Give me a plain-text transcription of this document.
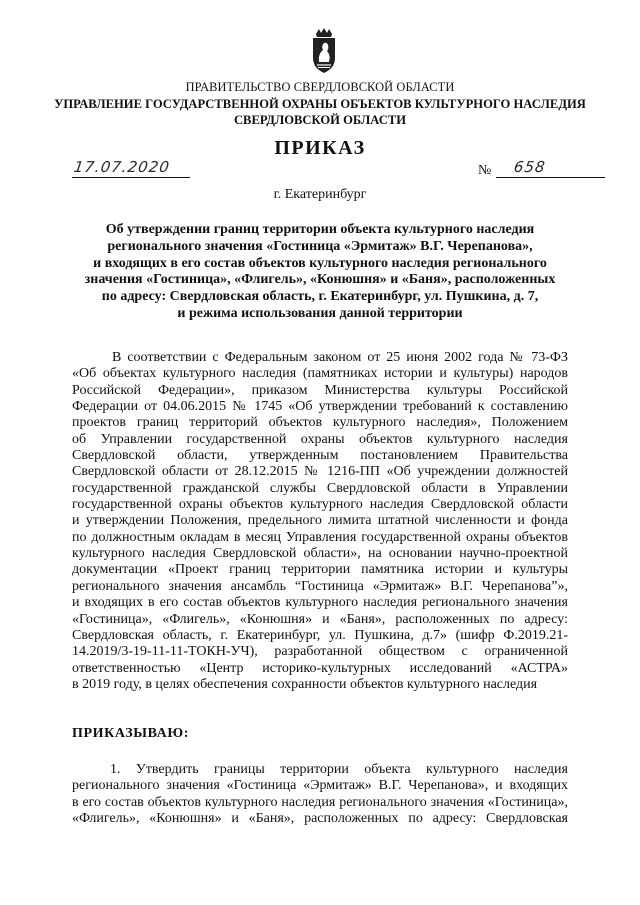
ПРАВИТЕЛЬСТВО СВЕРДЛОВСКОЙ ОБЛАСТИ
УПРАВЛЕНИЕ ГОСУДАРСТВЕННОЙ ОХРАНЫ ОБЪЕКТОВ КУЛЬТУРНОГО НАСЛЕДИЯ
СВЕРДЛОВСКОЙ ОБЛАСТИ
ПРИКАЗ
17.07.2020	№ 658
г. Екатеринбург
Об утверждении границ территории объекта культурного наследия
регионального значения «Гостиница «Эрмитаж» В.Г. Черепанова»,
и входящих в его состав объектов культурного наследия регионального
значения «Гостиница», «Флигель», «Конюшня» и «Баня», расположенных
по адресу: Свердловская область, г. Екатеринбург, ул. Пушкина, д. 7,
и режима использования данной территории
В соответствии с Федеральным законом от 25 июня 2002 года № 73-ФЗ
«Об объектах культурного наследия (памятниках истории и культуры) народов
Российской Федерации», приказом Министерства культуры Российской
Федерации от 04.06.2015 № 1745 «Об утверждении требований к составлению
проектов границ территорий объектов культурного наследия», Положением
об Управлении государственной охраны объектов культурного наследия
Свердловской области, утвержденным постановлением Правительства
Свердловской области от 28.12.2015 № 1216-ПП «Об учреждении должностей
государственной гражданской службы Свердловской области в Управлении
государственной охраны объектов культурного наследия Свердловской области
и утверждении Положения, предельного лимита штатной численности и фонда
по должностным окладам в месяц Управления государственной охраны объектов
культурного наследия Свердловской области», на основании научно-проектной
документации «Проект границ территории памятника истории и культуры
регионального значения ансамбль “Гостиница «Эрмитаж» В.Г. Черепанова”»,
и входящих в его состав объектов культурного наследия регионального значения
«Гостиница», «Флигель», «Конюшня» и «Баня», расположенных по адресу:
Свердловская область, г. Екатеринбург, ул. Пушкина, д.7» (шифр Ф.2019.21-
14.2019/3-19-11-11-ТОКН-УЧ), разработанной обществом с ограниченной
ответственностью «Центр историко-культурных исследований «АСТРА»
в 2019 году, в целях обеспечения сохранности объектов культурного наследия
ПРИКАЗЫВАЮ:
1. Утвердить границы территории объекта культурного наследия
регионального значения «Гостиница «Эрмитаж» В.Г. Черепанова», и входящих
в его состав объектов культурного наследия регионального значения «Гостиница»,
«Флигель», «Конюшня» и «Баня», расположенных по адресу: Свердловская
